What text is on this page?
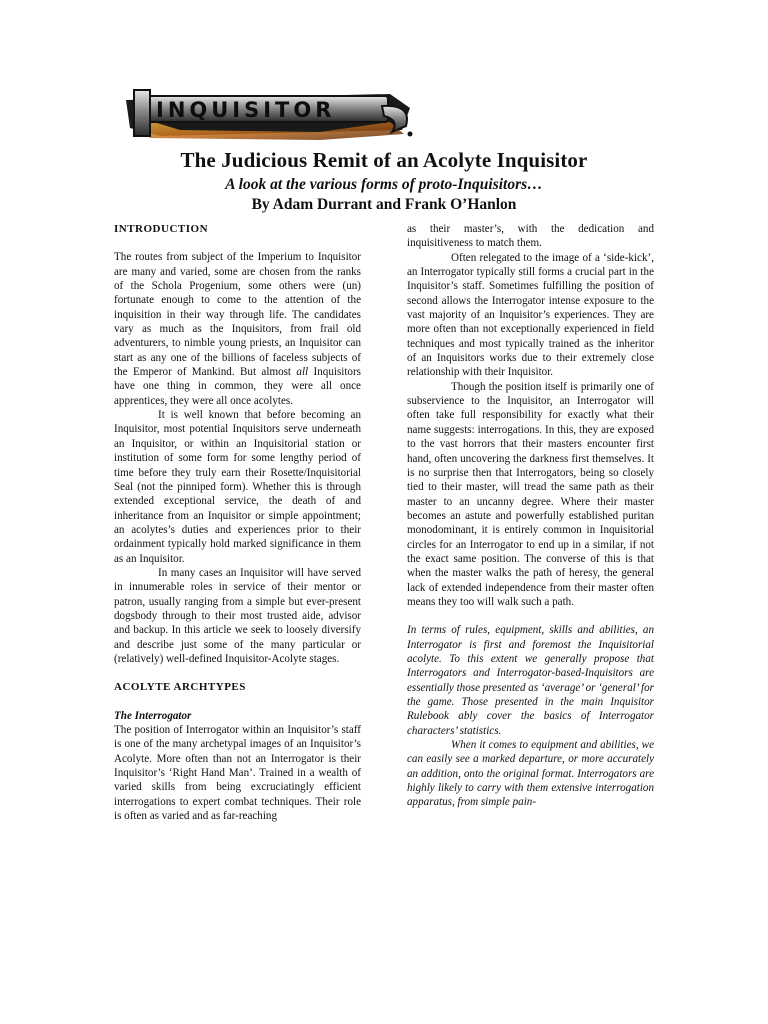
INQUISITOR
The Judicious Remit of an Acolyte Inquisitor
A look at the various forms of proto-Inquisitors…
By Adam Durrant and Frank O’Hanlon

INTRODUCTION

The routes from subject of the Imperium to Inquisitor are many and varied, some are chosen from the ranks of the Schola Progenium, some others were (un) fortunate enough to come to the attention of the inquisition in their way through life. The candidates vary as much as the Inquisitors, from frail old adventurers, to nimble young priests, an Inquisitor can start as any one of the billions of faceless subjects of the Emperor of Mankind. But almost all Inquisitors have one thing in common, they were all once apprentices, they were all once acolytes.

It is well known that before becoming an Inquisitor, most potential Inquisitors serve underneath an Inquisitor, or within an Inquisitorial station or institution of some form for some lengthy period of time before they truly earn their Rosette/Inquisitorial Seal (not the pinniped form). Whether this is through extended exceptional service, the death of and inheritance from an Inquisitor or simple appointment; an acolytes’s duties and experiences prior to their ordainment typically hold marked significance in them as an Inquisitor.

In many cases an Inquisitor will have served in innumerable roles in service of their mentor or patron, usually ranging from a simple but ever-present dogsbody through to their most trusted aide, advisor and backup. In this article we seek to loosely diversify and describe just some of the many particular or (relatively) well-defined Inquisitor-Acolyte stages.

ACOLYTE ARCHTYPES

The Interrogator

The position of Interrogator within an Inquisitor’s staff is one of the many archetypal images of an Inquisitor’s Acolyte. More often than not an Interrogator is their Inquisitor’s ‘Right Hand Man’. Trained in a wealth of varied skills from being excruciatingly efficient interrogations to expert combat techniques. Their role is often as varied and as far-reaching

as their master’s, with the dedication and inquisitiveness to match them.

Often relegated to the image of a ‘side-kick’, an Interrogator typically still forms a crucial part in the Inquisitor’s staff. Sometimes fulfilling the position of second allows the Interrogator intense exposure to the vast majority of an Inquisitor’s experiences. They are more often than not exceptionally experienced in field techniques and most typically trained as the inheritor of an Inquisitors works due to their extremely close relationship with their Inquisitor.

Though the position itself is primarily one of subservience to the Inquisitor, an Interrogator will often take full responsibility for exactly what their name suggests: interrogations. In this, they are exposed to the vast horrors that their masters encounter first hand, often uncovering the darkness first themselves. It is no surprise then that Interrogators, being so closely tied to their master, will tread the same path as their master to an uncanny degree. Where their master becomes an astute and powerfully established puritan monodominant, it is entirely common in Inquisitorial circles for an Interrogator to end up in a similar, if not the exact same position. The converse of this is that when the master walks the path of heresy, the general lack of extended independence from their master often means they too will walk such a path.

In terms of rules, equipment, skills and abilities, an Interrogator is first and foremost the Inquisitorial acolyte. To this extent we generally propose that Interrogators and Interrogator-based-Inquisitors are essentially those presented as ‘average’ or ‘general’ for the game. Those presented in the main Inquisitor Rulebook ably cover the basics of Interrogator characters’ statistics.

When it comes to equipment and abilities, we can easily see a marked departure, or more accurately an addition, onto the original format. Interrogators are highly likely to carry with them extensive interrogation apparatus, from simple pain-
